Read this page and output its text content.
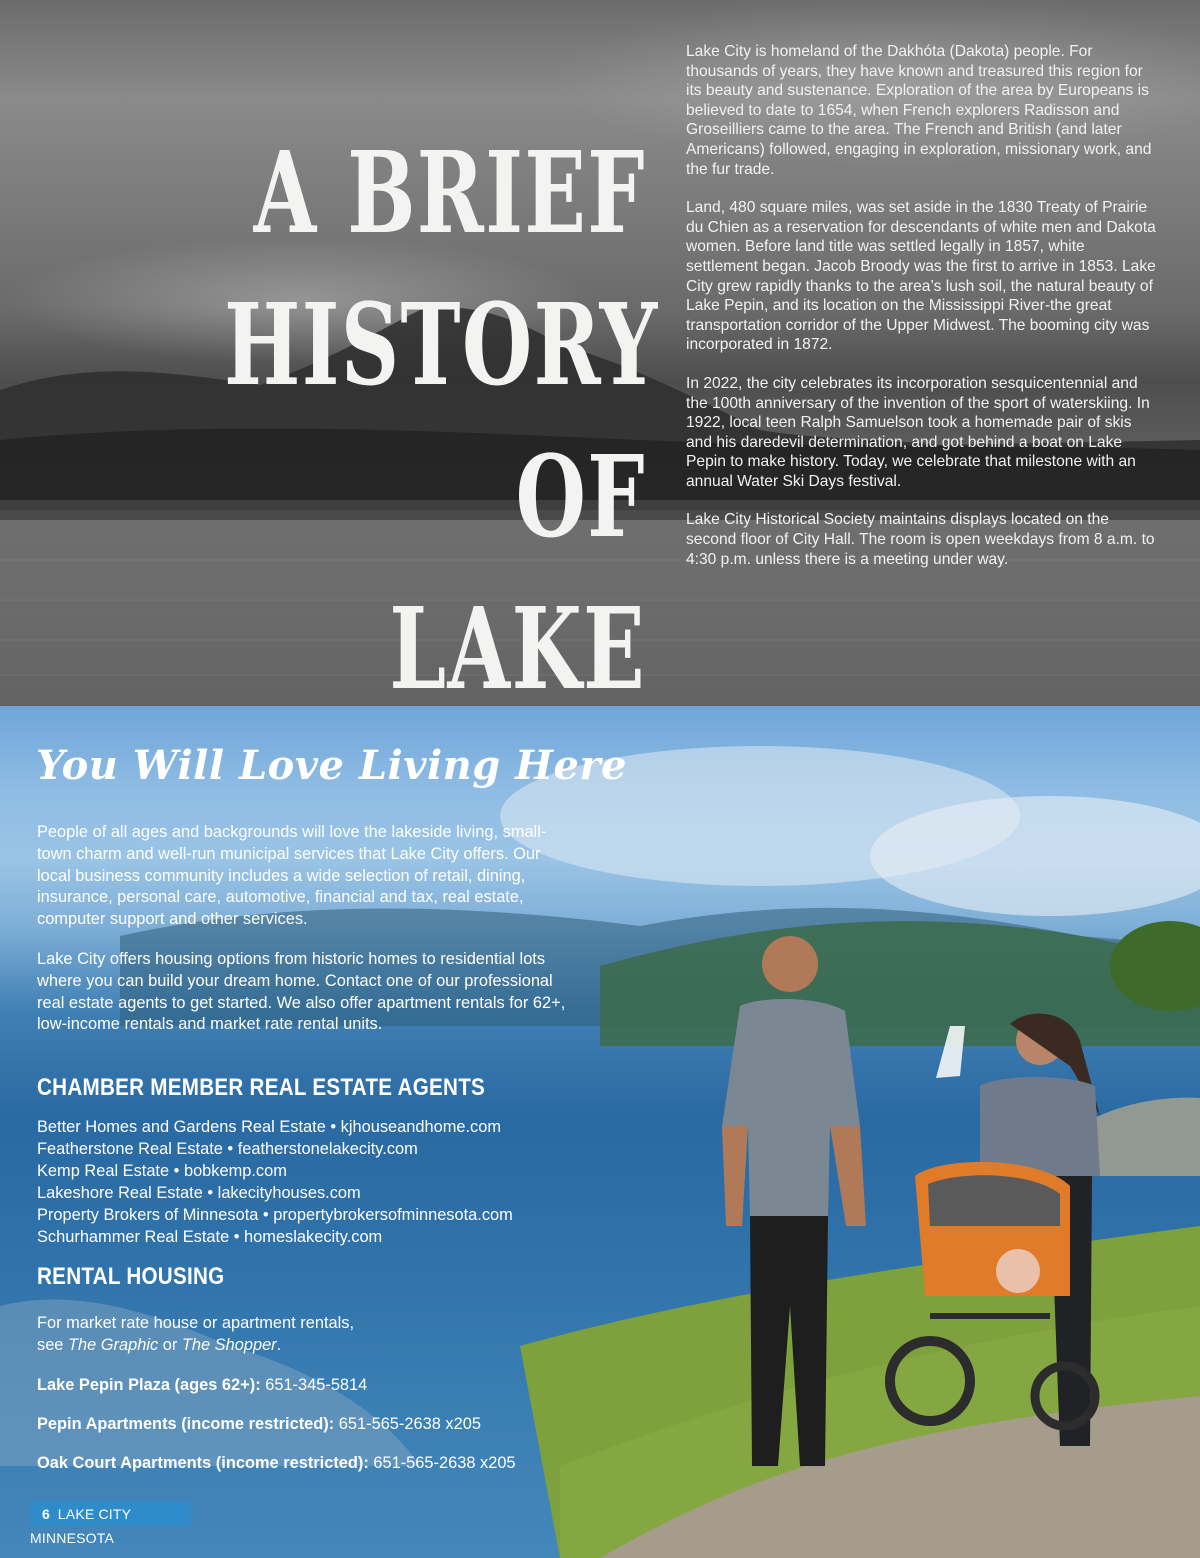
A BRIEF
HISTORY OF
LAKE

Lake City is homeland of the Dakhóta (Dakota) people. For thousands of years, they have known and treasured this region for its beauty and sustenance. Exploration of the area by Europeans is believed to date to 1654, when French explorers Radisson and Groseilliers came to the area. The French and British (and later Americans) followed, engaging in exploration, missionary work, and the fur trade.

Land, 480 square miles, was set aside in the 1830 Treaty of Prairie du Chien as a reservation for descendants of white men and Dakota women. Before land title was settled legally in 1857, white settlement began. Jacob Broody was the first to arrive in 1853. Lake City grew rapidly thanks to the area’s lush soil, the natural beauty of Lake Pepin, and its location on the Mississippi River-the great transportation corridor of the Upper Midwest. The booming city was incorporated in 1872.

In 2022, the city celebrates its incorporation sesquicentennial and the 100th anniversary of the invention of the sport of waterskiing. In 1922, local teen Ralph Samuelson took a homemade pair of skis and his daredevil determination, and got behind a boat on Lake Pepin to make history. Today, we celebrate that milestone with an annual Water Ski Days festival.

Lake City Historical Society maintains displays located on the second floor of City Hall. The room is open weekdays from 8 a.m. to 4:30 p.m. unless there is a meeting under way.

You Will Love Living Here

People of all ages and backgrounds will love the lakeside living, small-town charm and well-run municipal services that Lake City offers. Our local business community includes a wide selection of retail, dining, insurance, personal care, automotive, financial and tax, real estate, computer support and other services.

Lake City offers housing options from historic homes to residential lots where you can build your dream home. Contact one of our professional real estate agents to get started. We also offer apartment rentals for 62+, low-income rentals and market rate rental units.

CHAMBER MEMBER REAL ESTATE AGENTS
Better Homes and Gardens Real Estate • kjhouseandhome.com
Featherstone Real Estate • featherstonelakecity.com
Kemp Real Estate • bobkemp.com
Lakeshore Real Estate • lakecityhouses.com
Property Brokers of Minnesota • propertybrokersofminnesota.com
Schurhammer Real Estate • homeslakecity.com
RENTAL HOUSING
For market rate house or apartment rentals,
see The Graphic or The Shopper.
Lake Pepin Plaza (ages 62+): 651-345-5814
Pepin Apartments (income restricted): 651-565-2638 x205
Oak Court Apartments (income restricted): 651-565-2638 x205
6 LAKE CITY MINNESOTA
